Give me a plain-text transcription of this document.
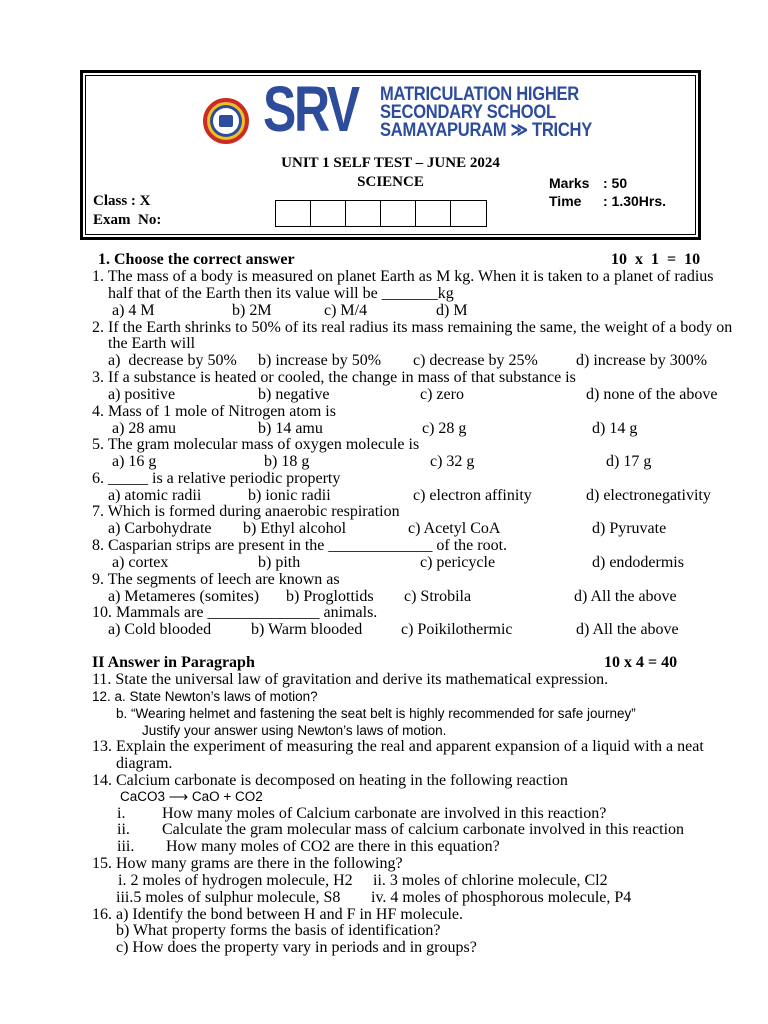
SRV MATRICULATION HIGHER
SECONDARY SCHOOL
SAMAYAPURAM ≫ TRICHY
UNIT 1 SELF TEST – JUNE 2024
SCIENCE	Marks : 50
Time	: 1.30Hrs.
Class : X
Exam  No:
1. Choose the correct answer	10  x  1  =  10
1. The mass of a body is measured on planet Earth as M kg. When it is taken to a planet of radius
half that of the Earth then its value will be _______kg
a) 4 M	b) 2M	c) M/4	d) M
2. If the Earth shrinks to 50% of its real radius its mass remaining the same, the weight of a body on
the Earth will
a)  decrease by 50% b) increase by 50% c) decrease by 25% d) increase by 300%
3. If a substance is heated or cooled, the change in mass of that substance is
a) positive	b) negative	c) zero	d) none of the above
4. Mass of 1 mole of Nitrogen atom is
a) 28 amu	b) 14 amu	c) 28 g	d) 14 g
5. The gram molecular mass of oxygen molecule is
a) 16 g	b) 18 g	c) 32 g	d) 17 g
6. _____ is a relative periodic property
a) atomic radii	b) ionic radii	c) electron affinity	d) electronegativity
7. Which is formed during anaerobic respiration
a) Carbohydrate b) Ethyl alcohol	c) Acetyl CoA	d) Pyruvate
8. Casparian strips are present in the _____________ of the root.
a) cortex	b) pith	c) pericycle	d) endodermis
9. The segments of leech are known as
a) Metameres (somites) b) Proglottids c) Strobila	d) All the above
10. Mammals are ______________ animals.
a) Cold blooded b) Warm blooded c) Poikilothermic	d) All the above
II Answer in Paragraph	10 x 4 = 40
11. State the universal law of gravitation and derive its mathematical expression.
12. a. State Newton’s laws of motion?
b. “Wearing helmet and fastening the seat belt is highly recommended for safe journey”
Justify your answer using Newton’s laws of motion.
13. Explain the experiment of measuring the real and apparent expansion of a liquid with a neat
diagram.
14. Calcium carbonate is decomposed on heating in the following reaction
CaCO3 ⟶ CaO + CO2
i. How many moles of Calcium carbonate are involved in this reaction?
ii. Calculate the gram molecular mass of calcium carbonate involved in this reaction
iii. How many moles of CO2 are there in this equation?
15. How many grams are there in the following?
i. 2 moles of hydrogen molecule, H2 ii. 3 moles of chlorine molecule, Cl2
iii.5 moles of sulphur molecule, S8 iv. 4 moles of phosphorous molecule, P4
16. a) Identify the bond between H and F in HF molecule.
b) What property forms the basis of identification?
c) How does the property vary in periods and in groups?
